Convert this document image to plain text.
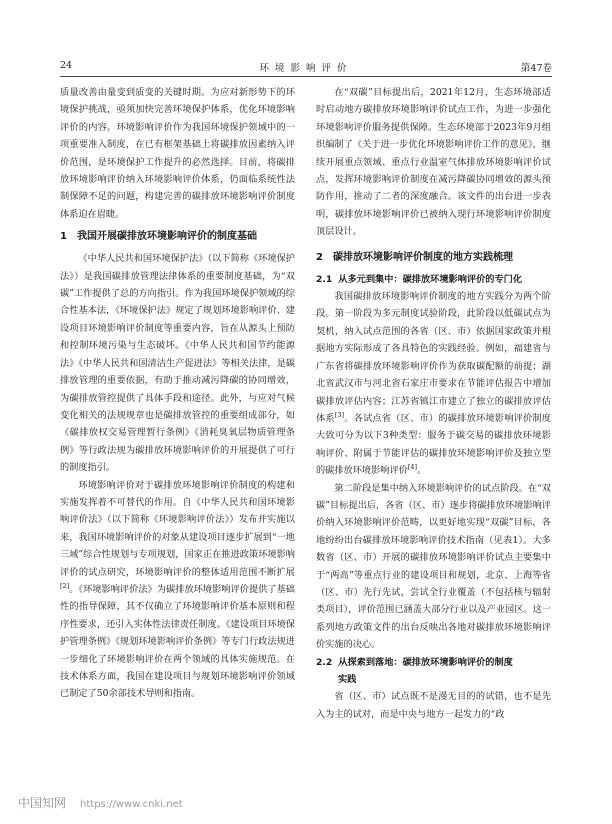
24	环境影响评价	第47卷

质量改善由量变到质变的关键时期。为应对新形势下的环境保护挑战，亟须加快完善环境保护体系，优化环境影响评价的内容。环境影响评价作为我国环境保护领域中的一项重要准入制度，在已有框架基础上将碳排放因素纳入评价范围，是环境保护工作提升的必然选择。目前，将碳排放环境影响评价纳入环境影响评价体系，仍面临系统性法制保障不足的问题，构建完善的碳排放环境影响评价制度体系迫在眉睫。

1 我国开展碳排放环境影响评价的制度基础

《中华人民共和国环境保护法》（以下简称《环境保护法》）是我国碳排放管理法律体系的重要制度基础，为“双碳”工作提供了总的方向指引。作为我国环境保护领域的综合性基本法，《环境保护法》规定了规划环境影响评价、建设项目环境影响评价制度等重要内容，旨在从源头上预防和控制环境污染与生态破坏。《中华人民共和国节约能源法》《中华人民共和国清洁生产促进法》等相关法律，是碳排放管理的重要依据，有助于推动减污降碳的协同增效，为碳排放管控提供了具体手段和途径。此外，与应对气候变化相关的法规规章也是碳排放管控的重要组成部分，如《碳排放权交易管理暂行条例》《消耗臭氧层物质管理条例》等行政法规为碳排放环境影响评价的开展提供了可行的制度指引。

环境影响评价对于碳排放环境影响评价制度的构建和实施发挥着不可替代的作用。自《中华人民共和国环境影响评价法》（以下简称《环境影响评价法》）发布并实施以来，我国环境影响评价的对象从建设项目逐步扩展到“一地三域”综合性规划与专项规划，国家正在推进政策环境影响评价的试点研究，环境影响评价的整体适用范围不断扩展[2]。《环境影响评价法》为碳排放环境影响评价提供了基础性的指导保障，其不仅确立了环境影响评价基本原则和程序性要求，还引入实体性法律责任制度。《建设项目环境保护管理条例》《规划环境影响评价条例》等专门行政法规进一步细化了环境影响评价在两个领域的具体实施规范。在技术体系方面，我国在建设项目与规划环境影响评价领域已制定了50余部技术导则和指南。

在“双碳”目标提出后，2021年12月，生态环境部适时启动地方碳排放环境影响评价试点工作，为进一步强化环境影响评价服务提供保障。生态环境部于2023年9月组织编制了《关于进一步优化环境影响评价工作的意见》，继续开展重点领域、重点行业温室气体排放环境影响评价试点，发挥环境影响评价制度在减污降碳协同增效的源头预防作用，推动了二者的深度融合。该文件的出台进一步表明，碳排放环境影响评价已被纳入现行环境影响评价制度顶层设计。

2 碳排放环境影响评价制度的地方实践梳理
2.1 从多元到集中：碳排放环境影响评价的专门化

我国碳排放环境影响评价制度的地方实践分为两个阶段。第一阶段为多元制度试验阶段，此阶段以低碳试点为契机，纳入试点范围的各省（区、市）依据国家政策并根据地方实际形成了各具特色的实践经验。例如，福建省与广东省将碳排放环境影响评价作为获取碳配额的前提；湖北省武汉市与河北省石家庄市要求在节能评估报告中增加碳排放评估内容；江苏省镇江市建立了独立的碳排放评估体系[3]。各试点省（区、市）的碳排放环境影响评价制度大致可分为以下3种类型：服务于碳交易的碳排放环境影响评价、附属于节能评估的碳排放环境影响评价及独立型的碳排放环境影响评价[4]。

第二阶段是集中纳入环境影响评价的试点阶段。在“双碳”目标提出后，各省（区、市）逐步将碳排放环境影响评价纳入环境影响评价范畴，以更好地实现“双碳”目标，各地纷纷出台碳排放环境影响评价技术指南（见表1）。大多数省（区、市）开展的碳排放环境影响评价试点主要集中于“两高”等重点行业的建设项目和规划，北京、上海等省（区、市）先行先试，尝试全行业覆盖（不包括核与辐射类项目），评价范围已涵盖大部分行业以及产业园区。这一系列地方政策文件的出台反映出各地对碳排放环境影响评价实施的决心。

2.2 从探索到落地：碳排放环境影响评价的制度
实践

省（区、市）试点既不是漫无目的的试错，也不是先入为主的试对，而是中央与地方一起发力的“政

中国知网 https://www.cnki.net
